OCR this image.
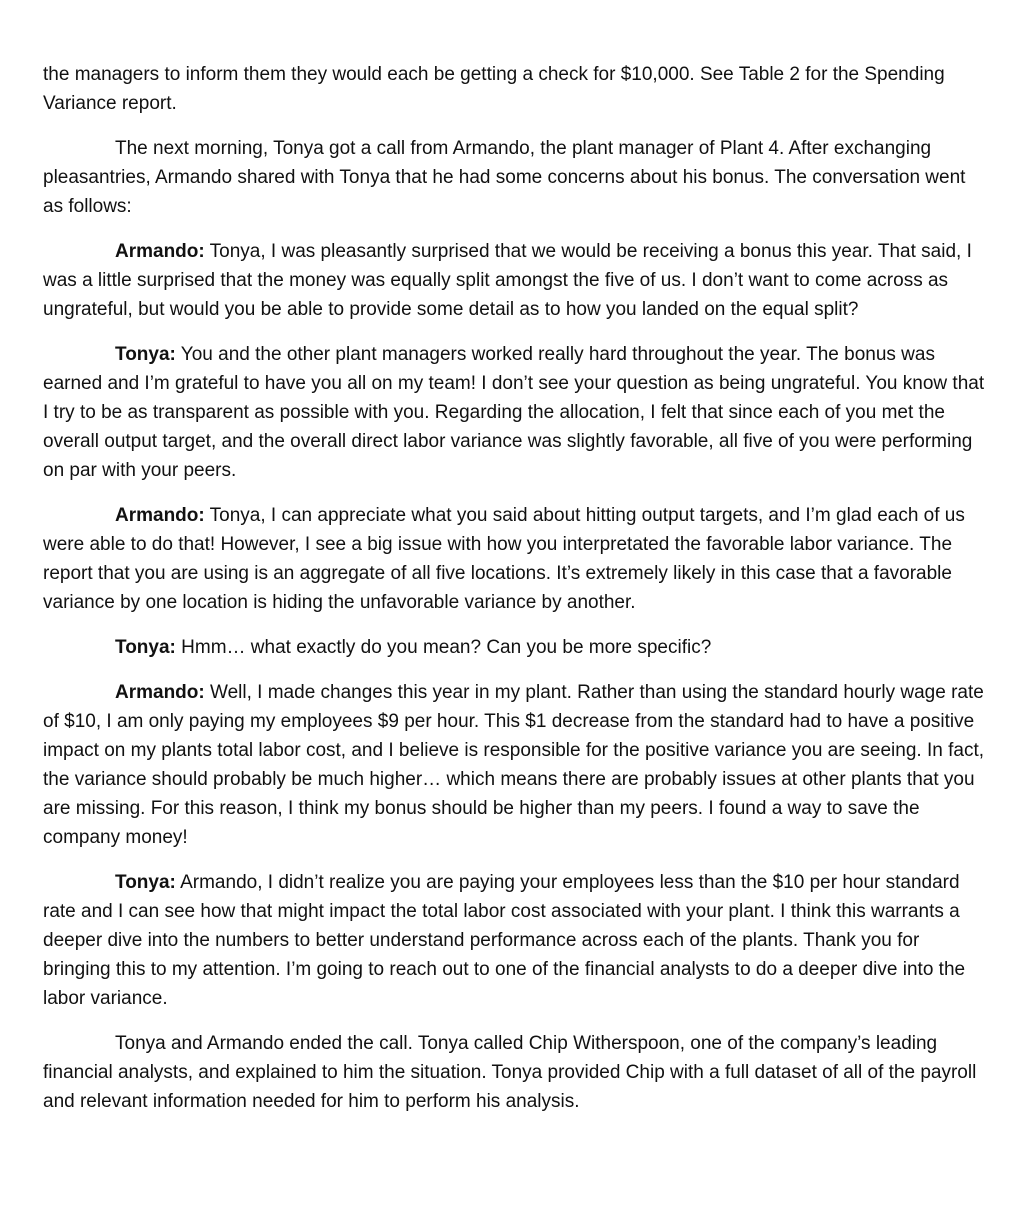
the managers to inform them they would each be getting a check for $10,000. See Table 2 for the Spending Variance report.

The next morning, Tonya got a call from Armando, the plant manager of Plant 4. After exchanging pleasantries, Armando shared with Tonya that he had some concerns about his bonus. The conversation went as follows:

Armando: Tonya, I was pleasantly surprised that we would be receiving a bonus this year. That said, I was a little surprised that the money was equally split amongst the five of us. I don’t want to come across as ungrateful, but would you be able to provide some detail as to how you landed on the equal split?

Tonya: You and the other plant managers worked really hard throughout the year. The bonus was earned and I’m grateful to have you all on my team! I don’t see your question as being ungrateful. You know that I try to be as transparent as possible with you. Regarding the allocation, I felt that since each of you met the overall output target, and the overall direct labor variance was slightly favorable, all five of you were performing on par with your peers.

Armando: Tonya, I can appreciate what you said about hitting output targets, and I’m glad each of us were able to do that! However, I see a big issue with how you interpretated the favorable labor variance. The report that you are using is an aggregate of all five locations. It’s extremely likely in this case that a favorable variance by one location is hiding the unfavorable variance by another.

Tonya: Hmm… what exactly do you mean? Can you be more specific?

Armando: Well, I made changes this year in my plant. Rather than using the standard hourly wage rate of $10, I am only paying my employees $9 per hour. This $1 decrease from the standard had to have a positive impact on my plants total labor cost, and I believe is responsible for the positive variance you are seeing. In fact, the variance should probably be much higher… which means there are probably issues at other plants that you are missing. For this reason, I think my bonus should be higher than my peers. I found a way to save the company money!

Tonya: Armando, I didn’t realize you are paying your employees less than the $10 per hour standard rate and I can see how that might impact the total labor cost associated with your plant. I think this warrants a deeper dive into the numbers to better understand performance across each of the plants. Thank you for bringing this to my attention. I’m going to reach out to one of the financial analysts to do a deeper dive into the labor variance.

Tonya and Armando ended the call. Tonya called Chip Witherspoon, one of the company’s leading financial analysts, and explained to him the situation. Tonya provided Chip with a full dataset of all of the payroll and relevant information needed for him to perform his analysis.
